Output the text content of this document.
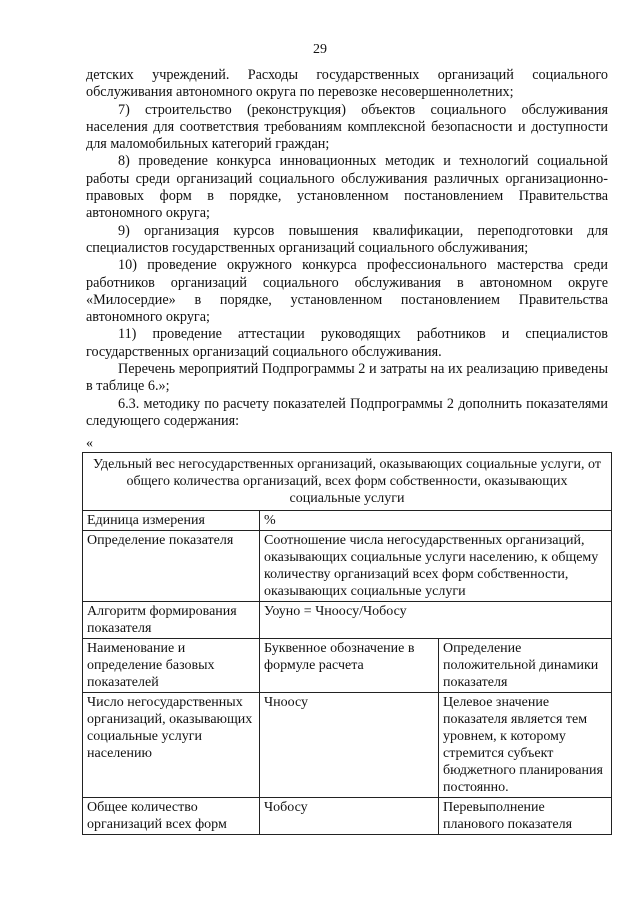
29

детских учреждений. Расходы государственных организаций социального обслуживания автономного округа по перевозке несовершеннолетних;

7) строительство (реконструкция) объектов социального обслуживания населения для соответствия требованиям комплексной безопасности и доступности для маломобильных категорий граждан;

8) проведение конкурса инновационных методик и технологий социальной работы среди организаций социального обслуживания различных организационно-правовых форм в порядке, установленном постановлением Правительства автономного округа;

9) организация курсов повышения квалификации, переподготовки для специалистов государственных организаций социального обслуживания;

10) проведение окружного конкурса профессионального мастерства среди работников организаций социального обслуживания в автономном округе «Милосердие» в порядке, установленном постановлением Правительства автономного округа;

11) проведение аттестации руководящих работников и специалистов государственных организаций социального обслуживания.

Перечень мероприятий Подпрограммы 2 и затраты на их реализацию приведены в таблице 6.»;

6.3. методику по расчету показателей Подпрограммы 2 дополнить показателями следующего содержания:

«
Удельный вес негосударственных организаций, оказывающих социальные услуги, от общего количества организаций, всех форм собственности, оказывающих социальные услуги		
Единица измерения	%	
Определение показателя	Соотношение числа негосударственных организаций, оказывающих социальные услуги населению, к общему количеству организаций всех форм собственности, оказывающих социальные услуги	
Алгоритм формирования показателя	Уоуно = Чноосу/Чобосу	
Наименование и определение базовых показателей	Буквенное обозначение в формуле расчета	Определение положительной динамики показателя
Число негосударственных организаций, оказывающих социальные услуги населению	Чноосу	Целевое значение показателя является тем уровнем, к которому стремится субъект бюджетного планирования постоянно.
Общее количество организаций всех форм	Чобосу	Перевыполнение планового показателя
